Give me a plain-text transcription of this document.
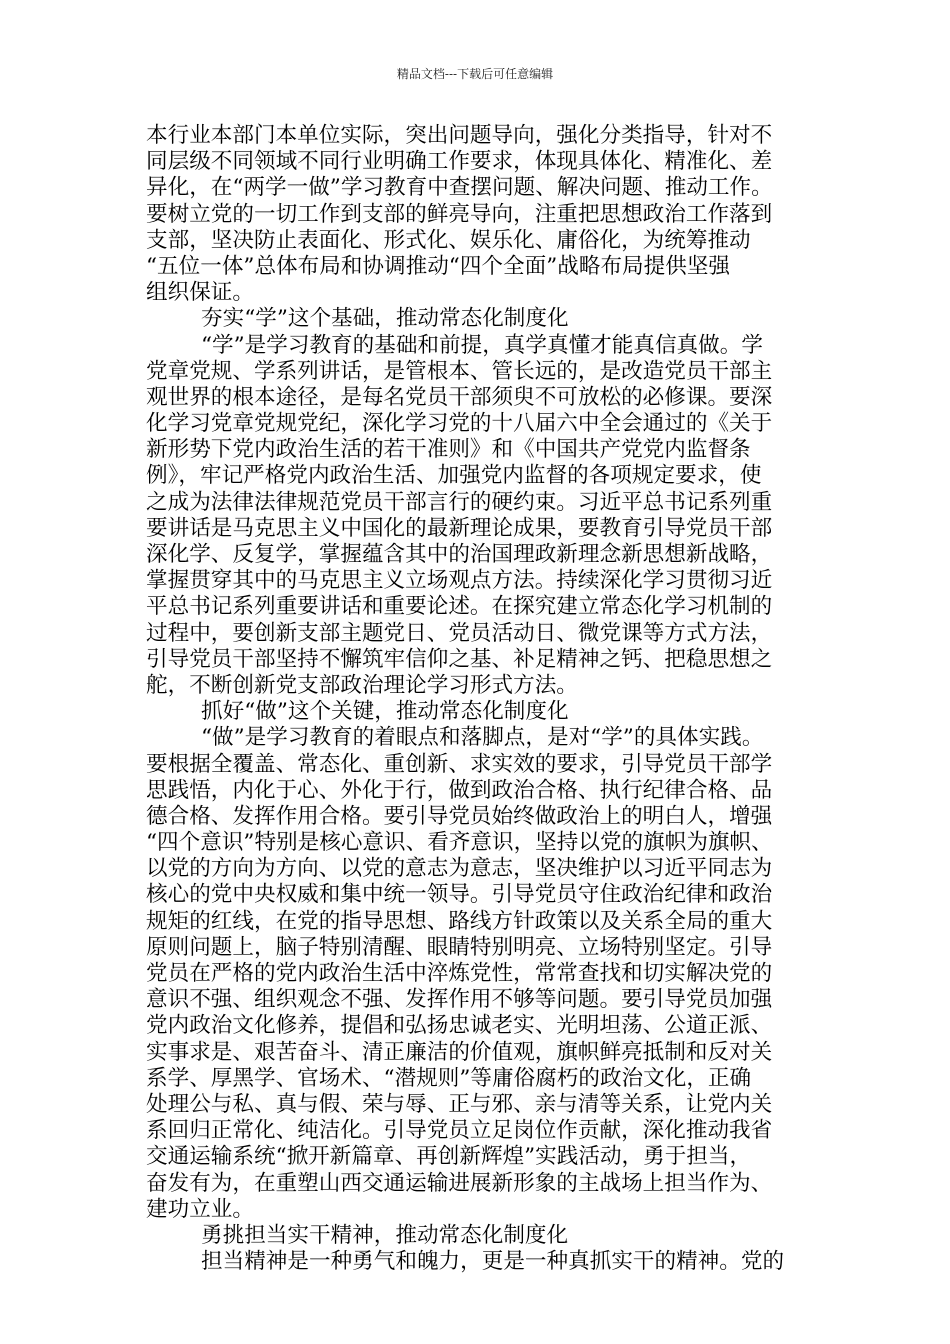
精品文档---下载后可任意编辑
本行业本部门本单位实际，突出问题导向，强化分类指导，针对不
同层级不同领域不同行业明确工作要求，体现具体化、精准化、差
异化，在“两学一做”学习教育中查摆问题、解决问题、推动工作。
要树立党的一切工作到支部的鲜亮导向，注重把思想政治工作落到
支部，坚决防止表面化、形式化、娱乐化、庸俗化，为统筹推动
“五位一体”总体布局和协调推动“四个全面”战略布局提供坚强
组织保证。
夯实“学”这个基础，推动常态化制度化
“学”是学习教育的基础和前提，真学真懂才能真信真做。学
党章党规、学系列讲话，是管根本、管长远的，是改造党员干部主
观世界的根本途径，是每名党员干部须臾不可放松的必修课。要深
化学习党章党规党纪，深化学习党的十八届六中全会通过的《关于
新形势下党内政治生活的若干准则》和《中国共产党党内监督条
例》，牢记严格党内政治生活、加强党内监督的各项规定要求，使
之成为法律法律规范党员干部言行的硬约束。习近平总书记系列重
要讲话是马克思主义中国化的最新理论成果，要教育引导党员干部
深化学、反复学，掌握蕴含其中的治国理政新理念新思想新战略，
掌握贯穿其中的马克思主义立场观点方法。持续深化学习贯彻习近
平总书记系列重要讲话和重要论述。在探究建立常态化学习机制的
过程中，要创新支部主题党日、党员活动日、微党课等方式方法，
引导党员干部坚持不懈筑牢信仰之基、补足精神之钙、把稳思想之
舵，不断创新党支部政治理论学习形式方法。
抓好“做”这个关键，推动常态化制度化
“做”是学习教育的着眼点和落脚点，是对“学”的具体实践。
要根据全覆盖、常态化、重创新、求实效的要求，引导党员干部学
思践悟，内化于心、外化于行，做到政治合格、执行纪律合格、品
德合格、发挥作用合格。要引导党员始终做政治上的明白人，增强
“四个意识”特别是核心意识、看齐意识，坚持以党的旗帜为旗帜、
以党的方向为方向、以党的意志为意志，坚决维护以习近平同志为
核心的党中央权威和集中统一领导。引导党员守住政治纪律和政治
规矩的红线，在党的指导思想、路线方针政策以及关系全局的重大
原则问题上，脑子特别清醒、眼睛特别明亮、立场特别坚定。引导
党员在严格的党内政治生活中淬炼党性，常常查找和切实解决党的
意识不强、组织观念不强、发挥作用不够等问题。要引导党员加强
党内政治文化修养，提倡和弘扬忠诚老实、光明坦荡、公道正派、
实事求是、艰苦奋斗、清正廉洁的价值观，旗帜鲜亮抵制和反对关
系学、厚黑学、官场术、“潜规则”等庸俗腐朽的政治文化，正确
处理公与私、真与假、荣与辱、正与邪、亲与清等关系，让党内关
系回归正常化、纯洁化。引导党员立足岗位作贡献，深化推动我省
交通运输系统“掀开新篇章、再创新辉煌”实践活动，勇于担当，
奋发有为，在重塑山西交通运输进展新形象的主战场上担当作为、
建功立业。
勇挑担当实干精神，推动常态化制度化
担当精神是一种勇气和魄力，更是一种真抓实干的精神。党的
